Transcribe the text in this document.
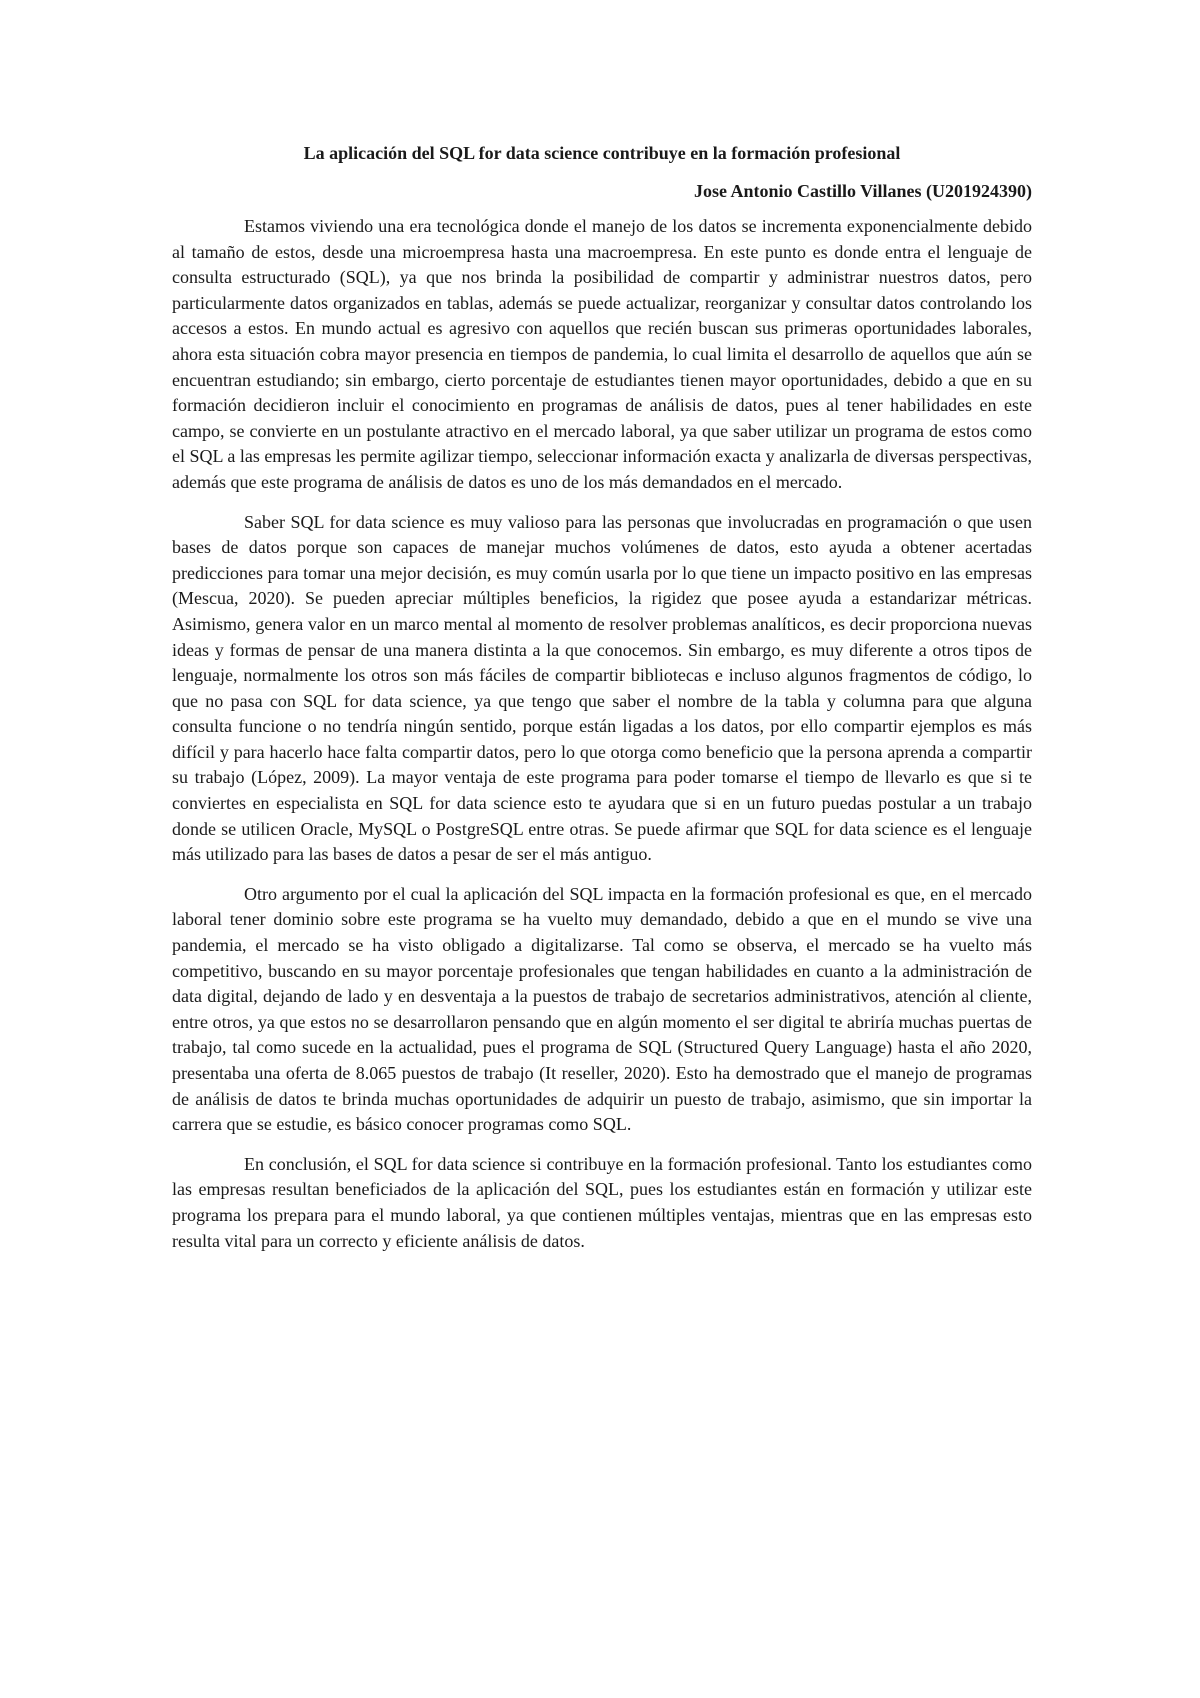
La aplicación del SQL for data science contribuye en la formación profesional

Jose Antonio Castillo Villanes (U201924390)

Estamos viviendo una era tecnológica donde el manejo de los datos se incrementa exponencialmente debido al tamaño de estos, desde una microempresa hasta una macroempresa. En este punto es donde entra el lenguaje de consulta estructurado (SQL), ya que nos brinda la posibilidad de compartir y administrar nuestros datos, pero particularmente datos organizados en tablas, además se puede actualizar, reorganizar y consultar datos controlando los accesos a estos. En mundo actual es agresivo con aquellos que recién buscan sus primeras oportunidades laborales, ahora esta situación cobra mayor presencia en tiempos de pandemia, lo cual limita el desarrollo de aquellos que aún se encuentran estudiando; sin embargo, cierto porcentaje de estudiantes tienen mayor oportunidades, debido a que en su formación decidieron incluir el conocimiento en programas de análisis de datos, pues al tener habilidades en este campo, se convierte en un postulante atractivo en el mercado laboral, ya que saber utilizar un programa de estos como el SQL a las empresas les permite agilizar tiempo, seleccionar información exacta y analizarla de diversas perspectivas, además que este programa de análisis de datos es uno de los más demandados en el mercado.

Saber SQL for data science es muy valioso para las personas que involucradas en programación o que usen bases de datos porque son capaces de manejar muchos volúmenes de datos, esto ayuda a obtener acertadas predicciones para tomar una mejor decisión, es muy común usarla por lo que tiene un impacto positivo en las empresas (Mescua, 2020). Se pueden apreciar múltiples beneficios, la rigidez que posee ayuda a estandarizar métricas. Asimismo, genera valor en un marco mental al momento de resolver problemas analíticos, es decir proporciona nuevas ideas y formas de pensar de una manera distinta a la que conocemos. Sin embargo, es muy diferente a otros tipos de lenguaje, normalmente los otros son más fáciles de compartir bibliotecas e incluso algunos fragmentos de código, lo que no pasa con SQL for data science, ya que tengo que saber el nombre de la tabla y columna para que alguna consulta funcione o no tendría ningún sentido, porque están ligadas a los datos, por ello compartir ejemplos es más difícil y para hacerlo hace falta compartir datos, pero lo que otorga como beneficio que la persona aprenda a compartir su trabajo (López, 2009). La mayor ventaja de este programa para poder tomarse el tiempo de llevarlo es que si te conviertes en especialista en SQL for data science esto te ayudara que si en un futuro puedas postular a un trabajo donde se utilicen Oracle, MySQL o PostgreSQL entre otras. Se puede afirmar que SQL for data science es el lenguaje más utilizado para las bases de datos a pesar de ser el más antiguo.

Otro argumento por el cual la aplicación del SQL impacta en la formación profesional es que, en el mercado laboral tener dominio sobre este programa se ha vuelto muy demandado, debido a que en el mundo se vive una pandemia, el mercado se ha visto obligado a digitalizarse. Tal como se observa, el mercado se ha vuelto más competitivo, buscando en su mayor porcentaje profesionales que tengan habilidades en cuanto a la administración de data digital, dejando de lado y en desventaja a la puestos de trabajo de secretarios administrativos, atención al cliente, entre otros, ya que estos no se desarrollaron pensando que en algún momento el ser digital te abriría muchas puertas de trabajo, tal como sucede en la actualidad, pues el programa de SQL (Structured Query Language) hasta el año 2020, presentaba una oferta de 8.065 puestos de trabajo (It reseller, 2020). Esto ha demostrado que el manejo de programas de análisis de datos te brinda muchas oportunidades de adquirir un puesto de trabajo, asimismo, que sin importar la carrera que se estudie, es básico conocer programas como SQL.

En conclusión, el SQL for data science si contribuye en la formación profesional. Tanto los estudiantes como las empresas resultan beneficiados de la aplicación del SQL, pues los estudiantes están en formación y utilizar este programa los prepara para el mundo laboral, ya que contienen múltiples ventajas, mientras que en las empresas esto resulta vital para un correcto y eficiente análisis de datos.
